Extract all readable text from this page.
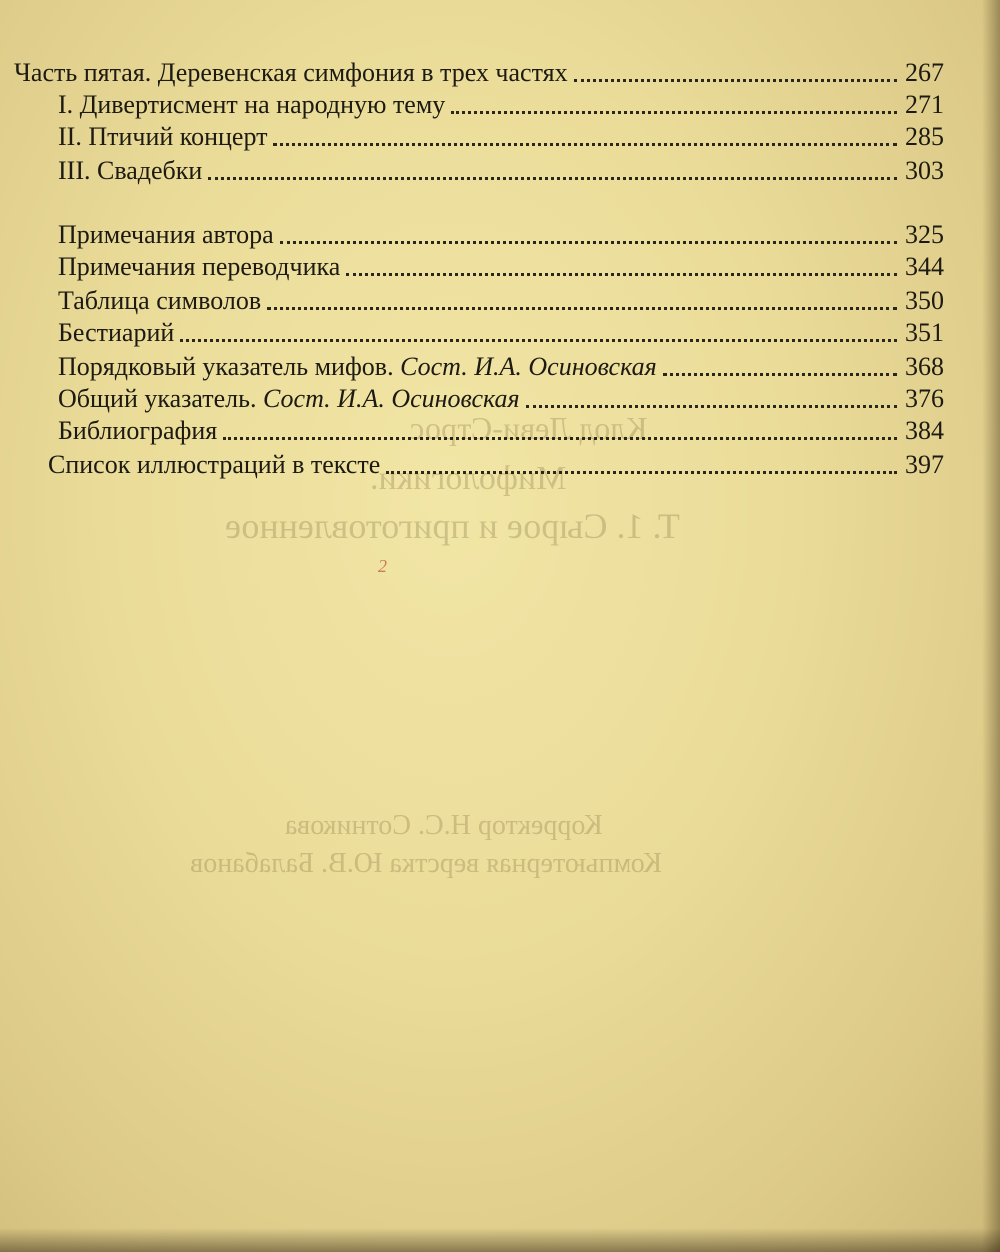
Клод Леви-Строс
Мифологики.
Т. 1. Сырое и приготовленное
Корректор Н.С. Сотникова
Компьютерная верстка Ю.В. Балабанов
2
Часть пятая. Деревенская симфония в трех частях	267
I. Дивертисмент на народную тему	271
II. Птичий концерт	285
III. Свадебки	303
Примечания автора	325
Примечания переводчика	344
Таблица символов	350
Бестиарий	351
Порядковый указатель мифов. Сост. И.А. Осиновская	368
Общий указатель. Сост. И.А. Осиновская	376
Библиография	384
Список иллюстраций в тексте	397
